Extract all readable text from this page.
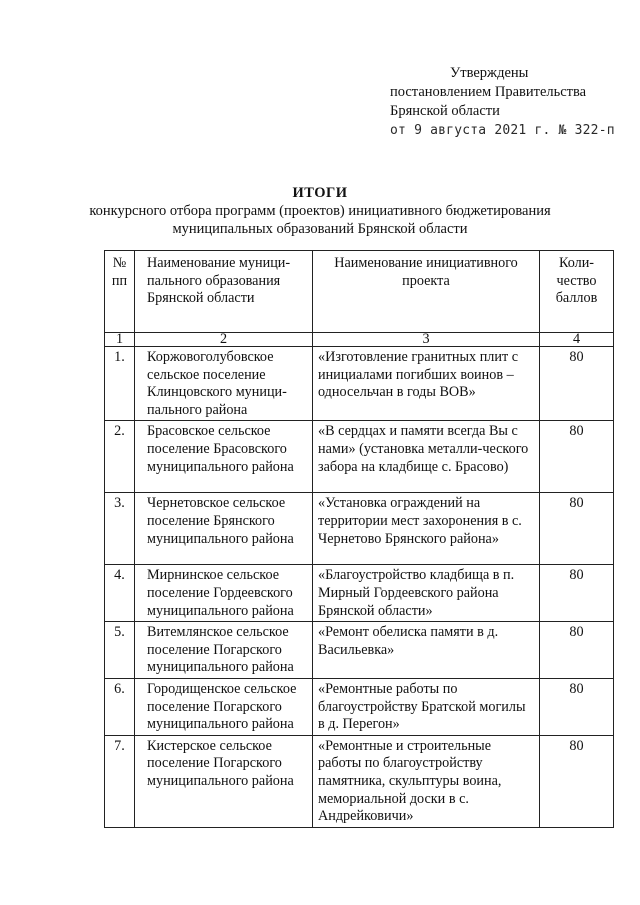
Утверждены
постановлением Правительства
Брянской области
от 9 августа 2021 г. № 322-п
ИТОГИ
конкурсного отбора программ (проектов) инициативного бюджетирования
муниципальных образований Брянской области
№ пп	Наименование муници-пального образования Брянской области	Наименование инициативного проекта	Коли-чество баллов
1	2	3	4
1.	Коржовоголубовское сельское поселение Клинцовского муници-пального района	«Изготовление гранитных плит с инициалами погибших воинов – односельчан в годы ВОВ»	80
2.	Брасовское сельское поселение Брасовского муниципального района	«В сердцах и памяти всегда Вы с нами» (установка металли-ческого забора на кладбище с. Брасово)	80
3.	Чернетовское сельское поселение Брянского муниципального района	«Установка ограждений на территории мест захоронения в с. Чернетово Брянского района»	80
4.	Мирнинское сельское поселение Гордеевского муниципального района	«Благоустройство кладбища в п. Мирный Гордеевского района Брянской области»	80
5.	Витемлянское сельское поселение Погарского муниципального района	«Ремонт обелиска памяти в д. Васильевка»	80
6.	Городищенское сельское поселение Погарского муниципального района	«Ремонтные работы по благоустройству Братской могилы в д. Перегон»	80
7.	Кистерское сельское поселение Погарского муниципального района	«Ремонтные и строительные работы по благоустройству памятника, скульптуры воина, мемориальной доски в с. Андрейковичи»	80
